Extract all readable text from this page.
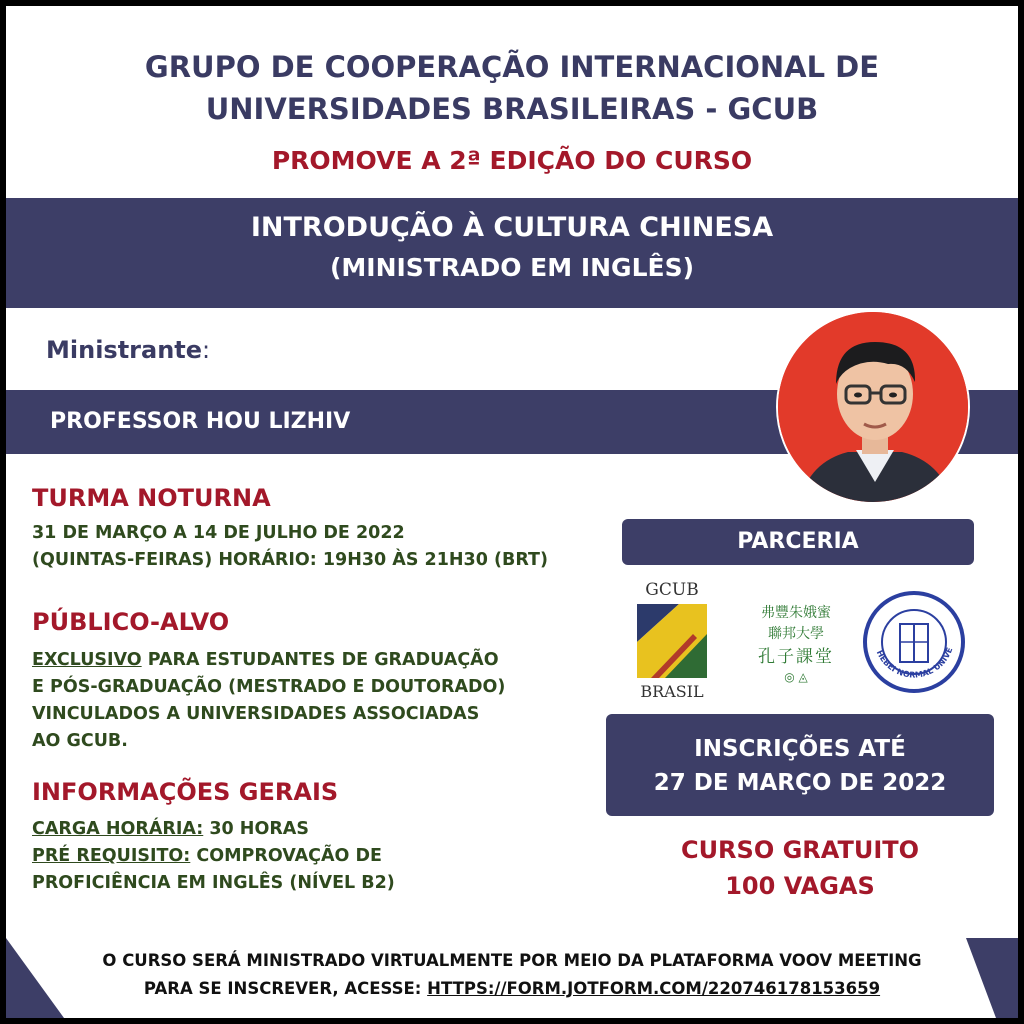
GRUPO DE COOPERAÇÃO INTERNACIONAL DE
UNIVERSIDADES BRASILEIRAS - GCUB
PROMOVE A 2ª EDIÇÃO DO CURSO
INTRODUÇÃO À CULTURA CHINESA
(MINISTRADO EM INGLÊS)
Ministrante:
PROFESSOR HOU LIZHIV
TURMA NOTURNA
31 DE MARÇO A 14 DE JULHO DE 2022
(QUINTAS-FEIRAS) HORÁRIO: 19H30 ÀS 21H30 (BRT)
PÚBLICO-ALVO
EXCLUSIVO PARA ESTUDANTES DE GRADUAÇÃO
E PÓS-GRADUAÇÃO (MESTRADO E DOUTORADO)
VINCULADOS A UNIVERSIDADES ASSOCIADAS
AO GCUB.
INFORMAÇÕES GERAIS
CARGA HORÁRIA: 30 HORAS
PRÉ REQUISITO: COMPROVAÇÃO DE
PROFICIÊNCIA EM INGLÊS (NÍVEL B2)
PARCERIA
GCUB
BRASIL
弗豐朱娥蜜
聯邦大學
孔子課堂
◎ ◬
HEBEI NORMAL UNIVE
INSCRIÇÕES ATÉ
27 DE MARÇO DE 2022
CURSO GRATUITO
100 VAGAS
O CURSO SERÁ MINISTRADO VIRTUALMENTE POR MEIO DA PLATAFORMA VOOV MEETING
PARA SE INSCREVER, ACESSE: HTTPS://FORM.JOTFORM.COM/220746178153659
